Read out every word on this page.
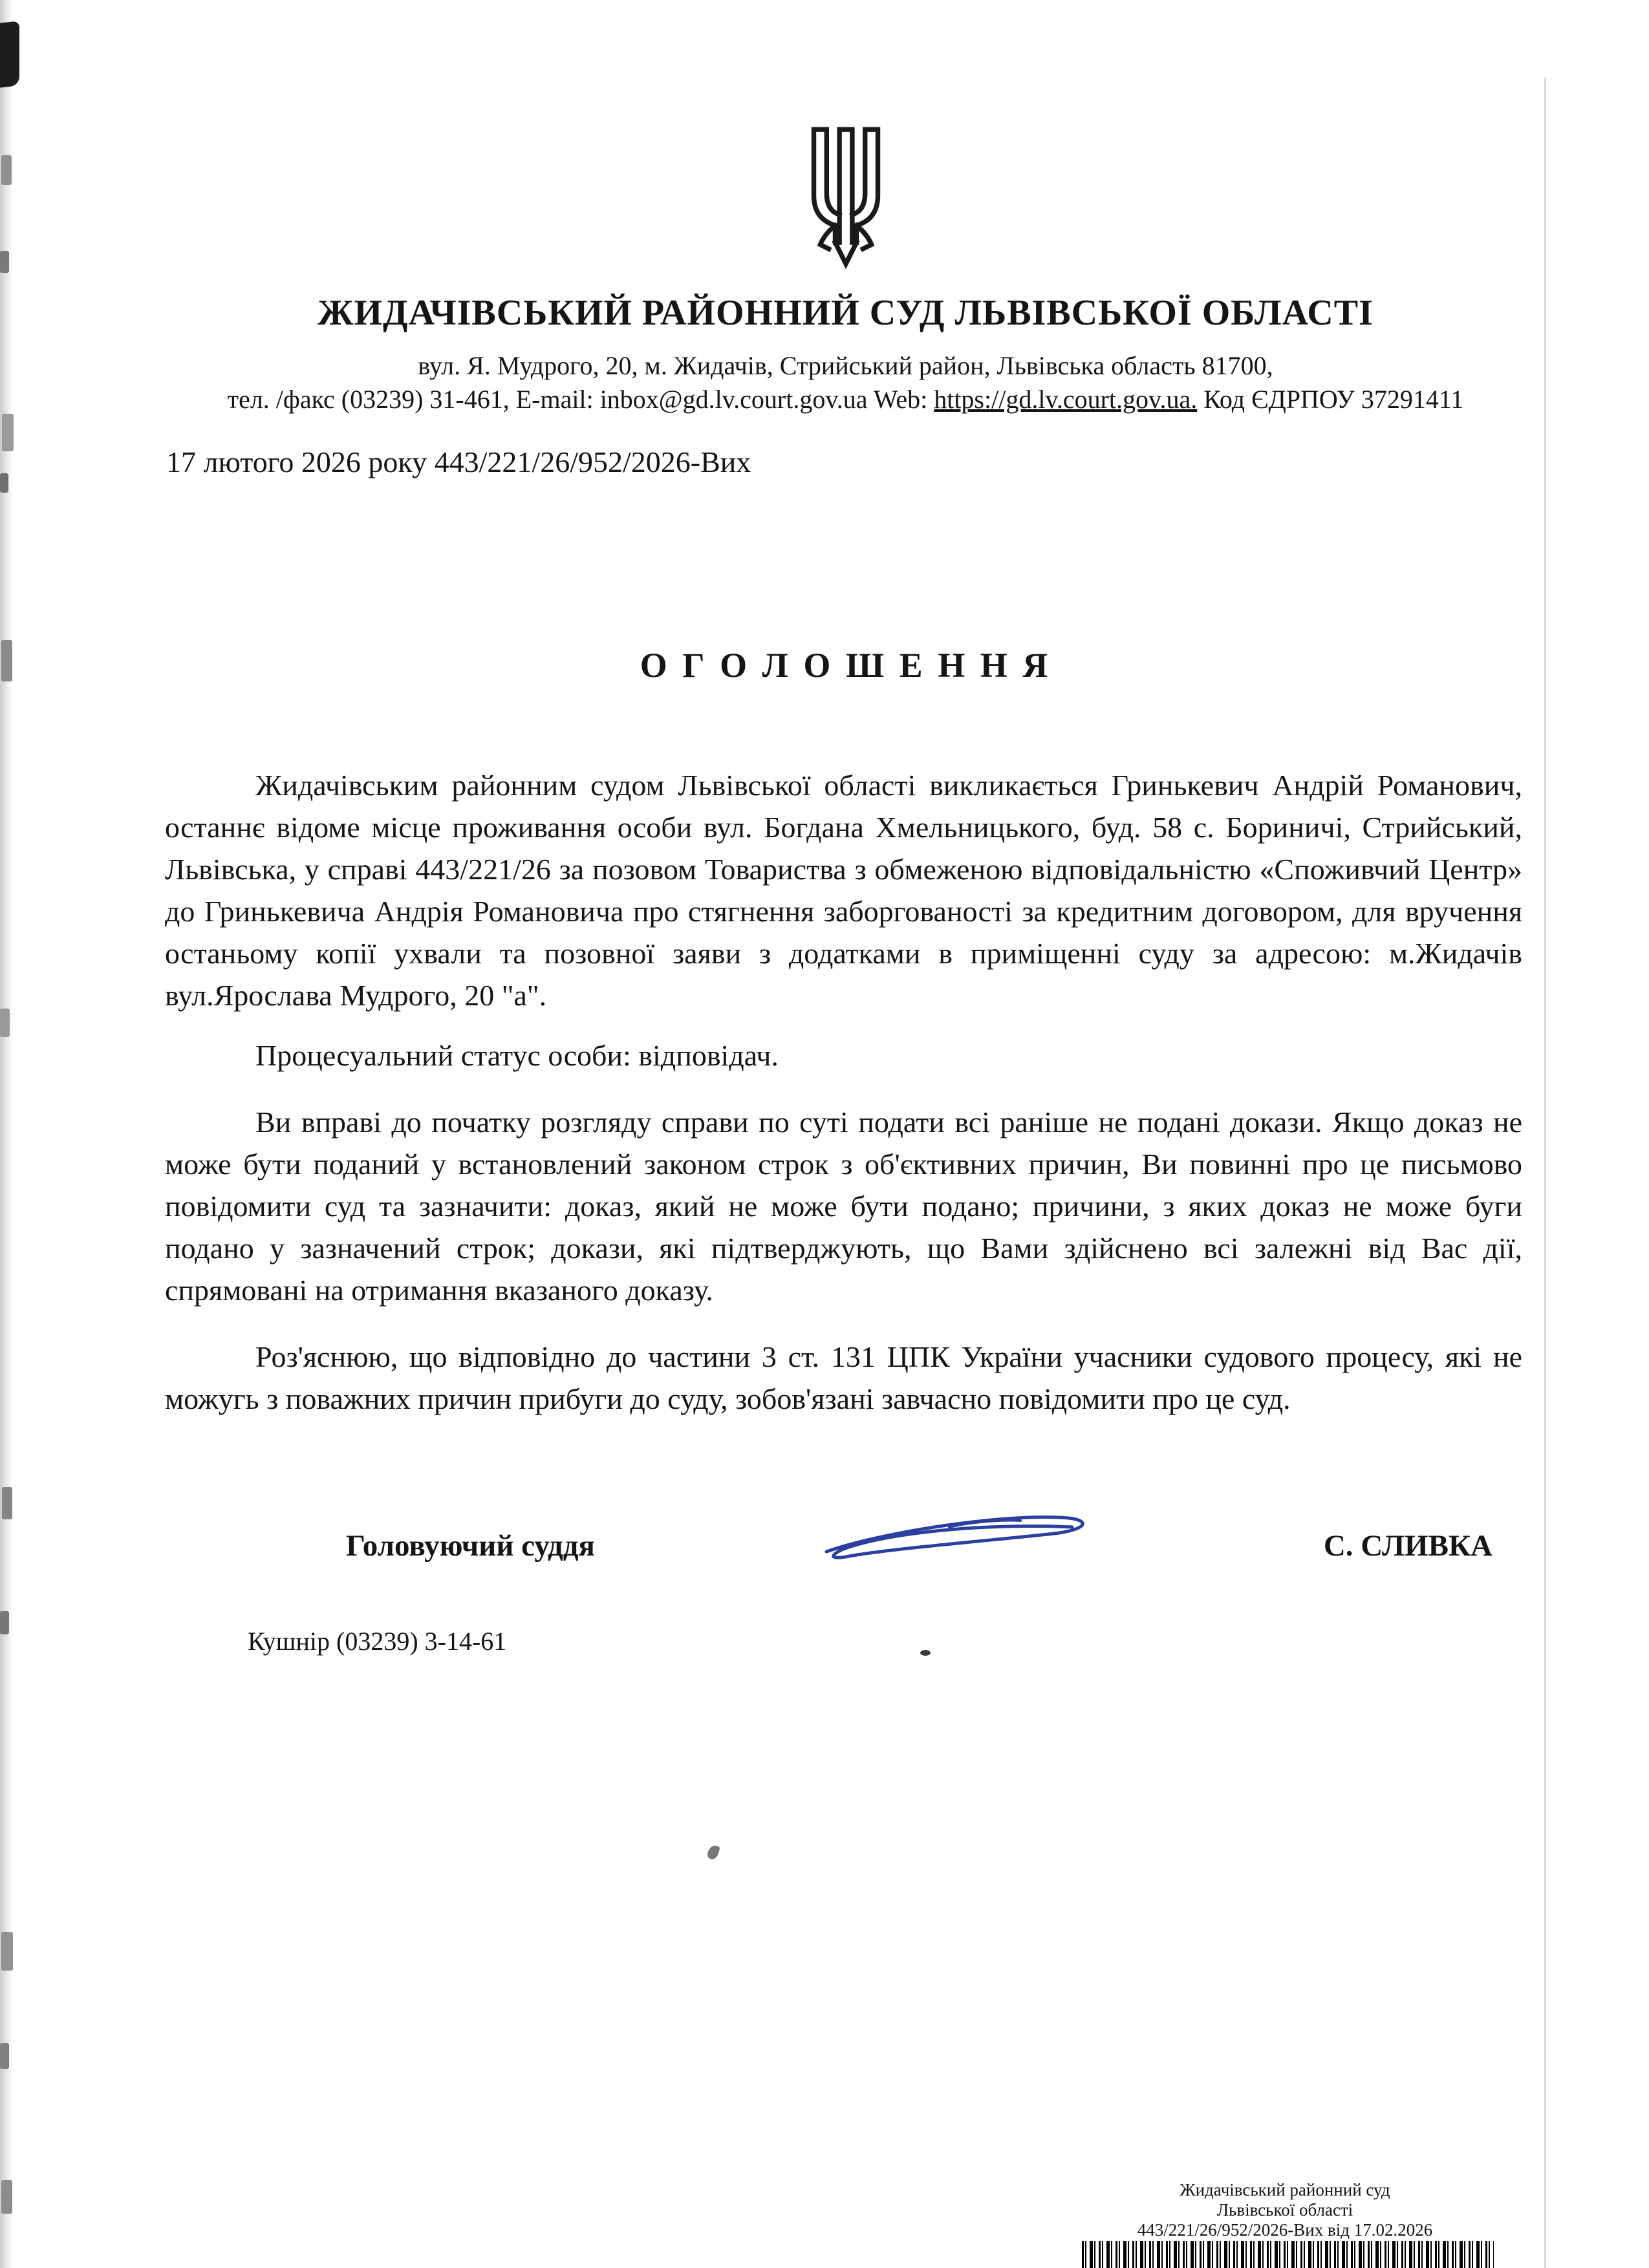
ЖИДАЧІВСЬКИЙ РАЙОННИЙ СУД ЛЬВІВСЬКОЇ ОБЛАСТІ
вул. Я. Мудрого, 20, м. Жидачів, Стрийський район, Львівська область 81700,
тел. /факс (03239) 31-461, E-mail: inbox@gd.lv.court.gov.ua Web: https://gd.lv.court.gov.ua. Код ЄДРПОУ 37291411
17 лютого 2026 року 443/221/26/952/2026-Вих
О Г О Л О Ш Е Н Н Я

Жидачівським районним судом Львівської області викликається Гринькевич Андрій Романович, останнє відоме місце проживання особи вул. Богдана Хмельницького, буд. 58 с. Бориничі, Стрийський, Львівська, у справі 443/221/26 за позовом Товариства з обмеженою відповідальністю «Споживчий Центр» до Гринькевича Андрія Романовича про стягнення заборгованості за кредитним договором, для вручення останьому копії ухвали та позовної заяви з додатками в приміщенні суду за адресою: м.Жидачів вул.Ярослава Мудрого, 20 "а".

Процесуальний статус особи: відповідач.

Ви вправі до початку розгляду справи по суті подати всі раніше не подані докази. Якщо доказ не може бути поданий у встановлений законом строк з об'єктивних причин, Ви повинні про це письмово повідомити суд та зазначити: доказ, який не може бути подано; причини, з яких доказ не може буги подано у зазначений строк; докази, які підтверджують, що Вами здійснено всі залежні від Вас дії, спрямовані на отримання вказаного доказу.

Роз'яснюю, що відповідно до частини 3 ст. 131 ЦПК України учасники судового процесу, які не можугь з поважних причин прибуги до суду, зобов'язані завчасно повідомити про це суд.

Головуючий суддя	С. СЛИВКА
Кушнір (03239) 3-14-61
Жидачівський районний суд
Львівської області
443/221/26/952/2026-Вих від 17.02.2026
